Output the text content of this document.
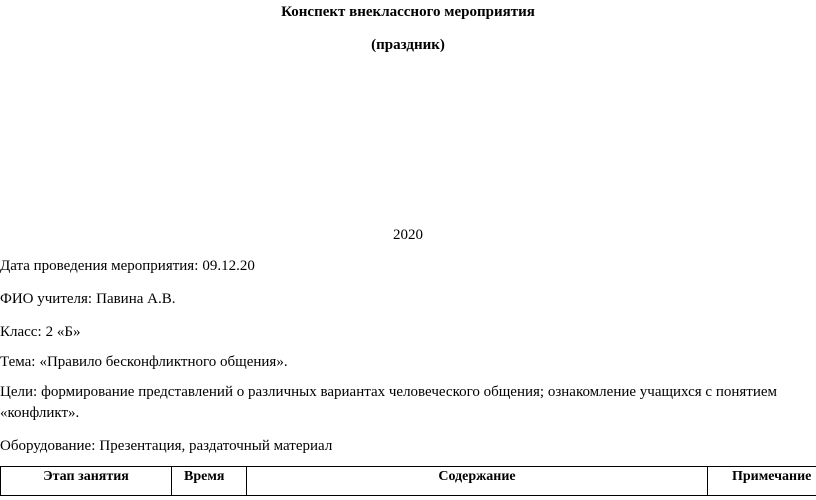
Конспект внеклассного мероприятия
(праздник)
2020
Дата проведения мероприятия: 09.12.20
ФИО учителя: Павина А.В.
Класс: 2 «Б»
Тема: «Правило бесконфликтного общения».
Цели: формирование представлений о различных вариантах человеческого общения; ознакомление учащихся с понятием «конфликт».
Оборудование: Презентация, раздаточный материал
Этап занятия	Время	Содержание	Примечание
